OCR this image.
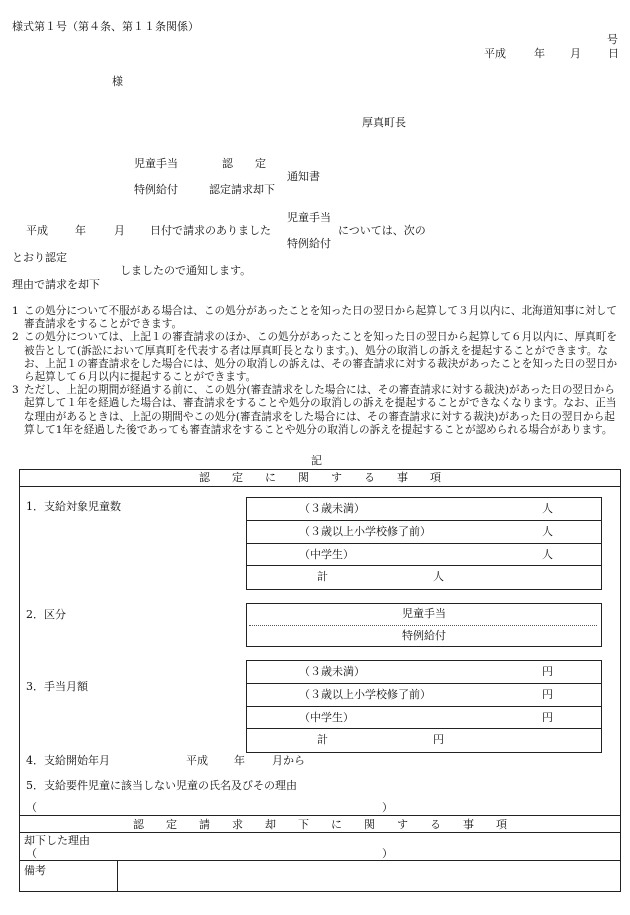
様式第１号（第４条、第１１条関係）
号
平成	年 月 日
様
厚真町長
児童手当	認　　定
通知書
特例給付	認定請求却下
児童手当
平成 年	月 日付で請求のありました	については、次の
特例給付
とおり認定
しましたので通知します。
理由で請求を却下
1 この処分について不服がある場合は、この処分があったことを知った日の翌日から起算して３月以内に、北海道知事に対して審査請求をすることができます。
2 この処分については、上記１の審査請求のほか、この処分があったことを知った日の翌日から起算して６月以内に、厚真町を被告として(訴訟において厚真町を代表する者は厚真町長となります。)、処分の取消しの訴えを提起することができます。なお、上記１の審査請求をした場合には、処分の取消しの訴えは、その審査請求に対する裁決があったことを知った日の翌日から起算して６月以内に提起することができます。
3 ただし、上記の期間が経過する前に、この処分(審査請求をした場合には、その審査請求に対する裁決)があった日の翌日から起算して１年を経過した場合は、審査請求をすることや処分の取消しの訴えを提起することができなくなります。なお、正当な理由があるときは、上記の期間やこの処分(審査請求をした場合には、その審査請求に対する裁決)があった日の翌日から起算して1年を経過した後であっても審査請求をすることや処分の取消しの訴えを提起することが認められる場合があります。
記
認　　定　　に　　関　　す　　る　　事　　項
1．支給対象児童数	（３歳未満）	人
（３歳以上小学校修了前）	人
（中学生）	人
計	人
2．区分	児童手当
特例給付
3．手当月額
（３歳未満）	円
（３歳以上小学校修了前）	円
（中学生）	円
計	円
4．支給開始年月	平成 年 月から
5．支給要件児童に該当しない児童の氏名及びその理由
（	）
認　　定　　請　　求　　却　　下　　に　　関　　す　　る　　事　　項
却下した理由
（	）
備考
